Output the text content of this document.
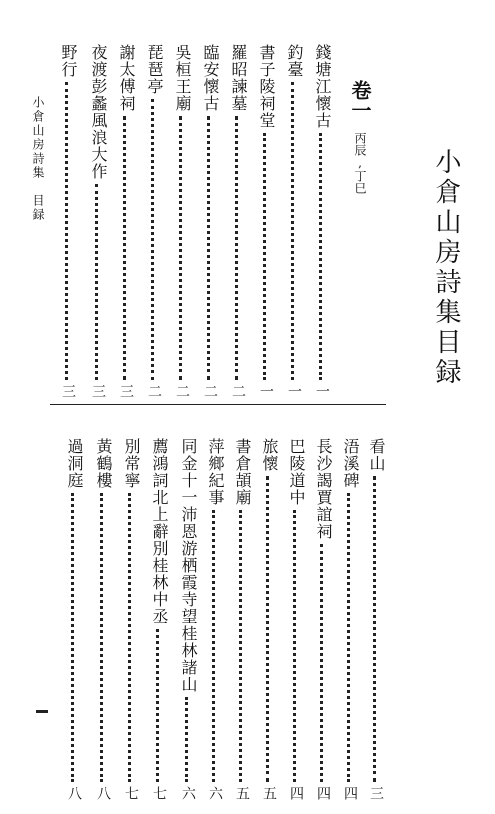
小倉山房詩集目録
卷一
丙辰,丁巳
小倉山房詩集　目録
錢塘江懷古
一
釣臺
一
書子陵祠堂
一
羅昭諫墓
二
臨安懷古
二
吳桓王廟
二
琵琶亭
二
謝太傅祠
三
夜渡彭蠡風浪大作
三
野行
三
看山
三
浯溪碑
四
長沙謁賈誼祠
四
巴陵道中
四
旅懷
五
書倉頡廟
五
萍鄉紀事
六
同金十一沛恩游栖霞寺望桂林諸山
六
薦鴻詞北上辭別桂林中丞
七
別常寧
七
黃鶴樓
八
過洞庭
八
